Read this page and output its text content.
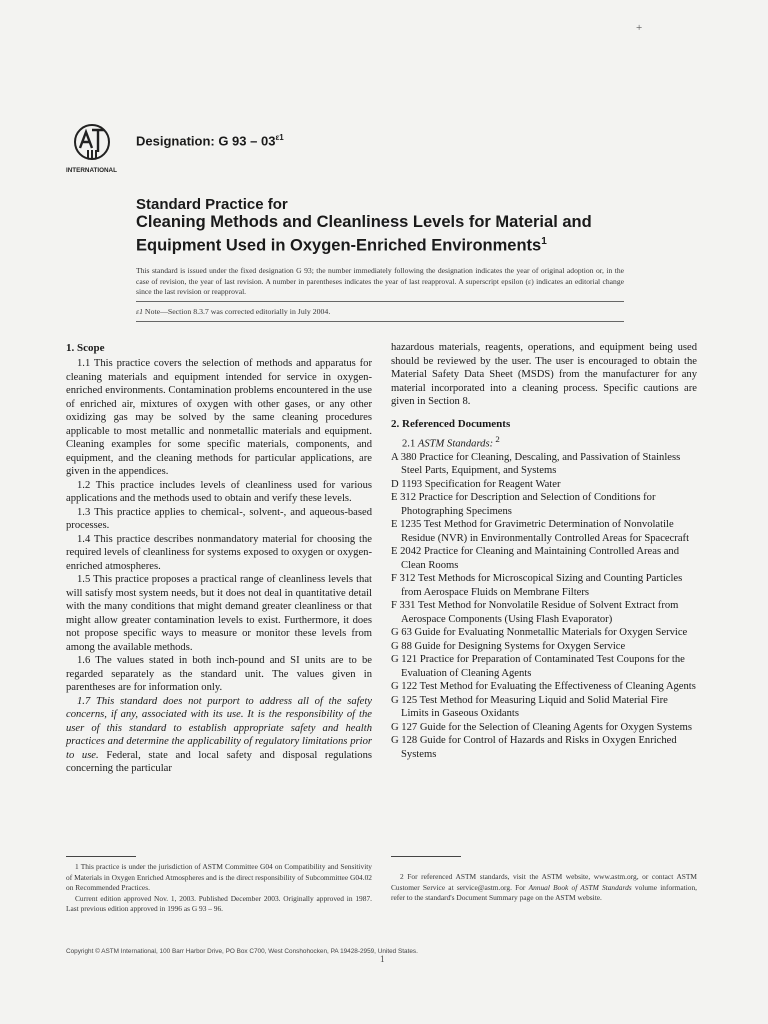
+
INTERNATIONAL
Designation: G $93 - 03^{\varepsilon 1}$
Standard Practice for
Cleaning Methods and Cleanliness Levels for Material and
Equipment Used in Oxygen-Enriched Environments$^1$
This standard is issued under the fixed designation G 93; the number immediately following the designation indicates the year of original adoption or, in the case of revision, the year of last revision. A number in parentheses indicates the year of last reapproval. A superscript epsilon (ε) indicates an editorial change since the last revision or reapproval.
ε1 Note—Section 8.3.7 was corrected editorially in July 2004.
1. Scope

1.1 This practice covers the selection of methods and apparatus for cleaning materials and equipment intended for service in oxygen-enriched environments. Contamination problems encountered in the use of enriched air, mixtures of oxygen with other gases, or any other oxidizing gas may be solved by the same cleaning procedures applicable to most metallic and nonmetallic materials and equipment. Cleaning examples for some specific materials, components, and equipment, and the cleaning methods for particular applications, are given in the appendices.

1.2 This practice includes levels of cleanliness used for various applications and the methods used to obtain and verify these levels.

1.3 This practice applies to chemical-, solvent-, and aqueous-based processes.

1.4 This practice describes nonmandatory material for choosing the required levels of cleanliness for systems exposed to oxygen or oxygen-enriched atmospheres.

1.5 This practice proposes a practical range of cleanliness levels that will satisfy most system needs, but it does not deal in quantitative detail with the many conditions that might demand greater cleanliness or that might allow greater contamination levels to exist. Furthermore, it does not propose specific ways to measure or monitor these levels from among the available methods.

1.6 The values stated in both inch-pound and SI units are to be regarded separately as the standard unit. The values given in parentheses are for information only.

1.7 This standard does not purport to address all of the safety concerns, if any, associated with its use. It is the responsibility of the user of this standard to establish appropriate safety and health practices and determine the applicability of regulatory limitations prior to use. Federal, state and local safety and disposal regulations concerning the particular

hazardous materials, reagents, operations, and equipment being used should be reviewed by the user. The user is encouraged to obtain the Material Safety Data Sheet (MSDS) from the manufacturer for any material incorporated into a cleaning process. Specific cautions are given in Section 8.

2. Referenced Documents

2.1 ASTM Standards: $^2$

A 380 Practice for Cleaning, Descaling, and Passivation of Stainless Steel Parts, Equipment, and Systems

D 1193 Specification for Reagent Water

E 312 Practice for Description and Selection of Conditions for Photographing Specimens

E 1235 Test Method for Gravimetric Determination of Nonvolatile Residue (NVR) in Environmentally Controlled Areas for Spacecraft

E 2042 Practice for Cleaning and Maintaining Controlled Areas and Clean Rooms

F 312 Test Methods for Microscopical Sizing and Counting Particles from Aerospace Fluids on Membrane Filters

F 331 Test Method for Nonvolatile Residue of Solvent Extract from Aerospace Components (Using Flash Evaporator)

G 63 Guide for Evaluating Nonmetallic Materials for Oxygen Service

G 88 Guide for Designing Systems for Oxygen Service

G 121 Practice for Preparation of Contaminated Test Coupons for the Evaluation of Cleaning Agents

G 122 Test Method for Evaluating the Effectiveness of Cleaning Agents

G 125 Test Method for Measuring Liquid and Solid Material Fire Limits in Gaseous Oxidants

G 127 Guide for the Selection of Cleaning Agents for Oxygen Systems

G 128 Guide for Control of Hazards and Risks in Oxygen Enriched Systems

1 This practice is under the jurisdiction of ASTM Committee G04 on Compatibility and Sensitivity of Materials in Oxygen Enriched Atmospheres and is the direct responsibility of Subcommittee G04.02 on Recommended Practices.

Current edition approved Nov. 1, 2003. Published December 2003. Originally approved in 1987. Last previous edition approved in 1996 as G 93 – 96.

2 For referenced ASTM standards, visit the ASTM website, www.astm.org, or contact ASTM Customer Service at service@astm.org. For Annual Book of ASTM Standards volume information, refer to the standard's Document Summary page on the ASTM website.

Copyright © ASTM International, 100 Barr Harbor Drive, PO Box C700, West Conshohocken, PA 19428-2959, United States.
1
